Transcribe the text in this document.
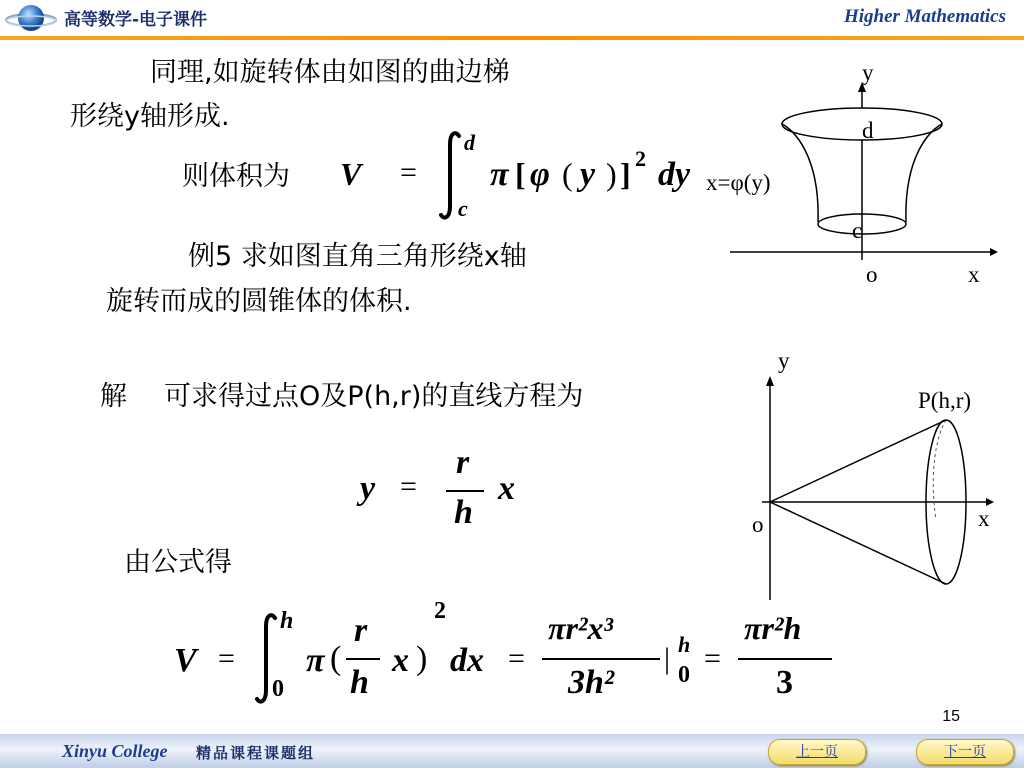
高等数学-电子课件	Higher Mathematics
同理,如旋转体由如图的曲边梯
形绕y轴形成.
则体积为 V =
d
c
π [ φ ( y ) ] 2 dy
例5 求如图直角三角形绕x轴
旋转而成的圆锥体的体积.
解 可求得过点O及P(h,r)的直线方程为
y =
r
h
x
由公式得
V =
h
0
π (
r
h
x )
2
dx =
πr²x³
3h²
| h
0 =
πr²h
3
y
d
x=φ(y)
c
o	x
y
P(h,r)
o	x
15
Xinyu College 精品课程课题组	上一页	下一页
